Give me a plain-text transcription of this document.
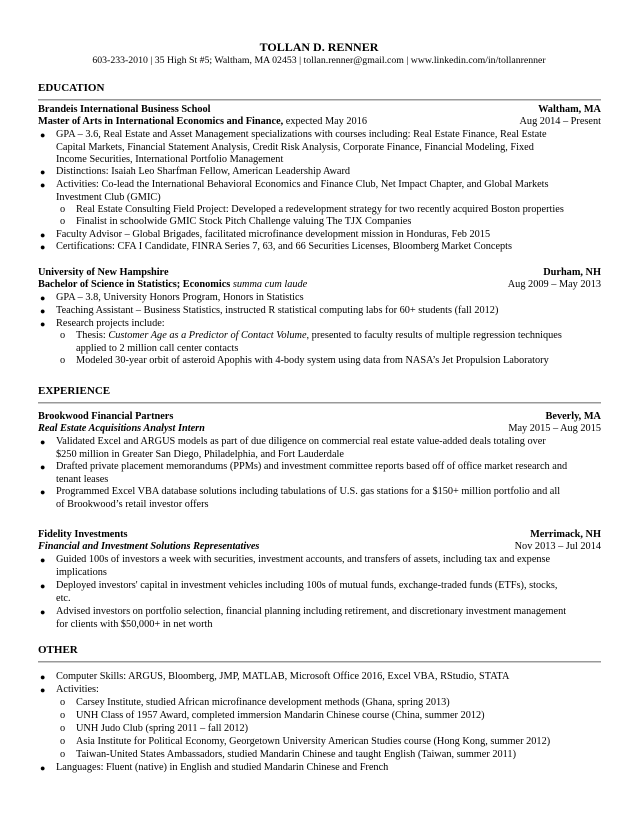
TOLLAN D. RENNER
603-233-2010 | 35 High St #5; Waltham, MA 02453 | tollan.renner@gmail.com | www.linkedin.com/in/tollanrenner
EDUCATION
Brandeis International Business School	Waltham, MA
Master of Arts in International Economics and Finance, expected May 2016	Aug 2014 – Present
● GPA – 3.6, Real Estate and Asset Management specializations with courses including: Real Estate Finance, Real Estate
Capital Markets, Financial Statement Analysis, Credit Risk Analysis, Corporate Finance, Financial Modeling, Fixed
Income Securities, International Portfolio Management
● Distinctions: Isaiah Leo Sharfman Fellow, American Leadership Award
● Activities: Co-lead the International Behavioral Economics and Finance Club, Net Impact Chapter, and Global Markets
Investment Club (GMIC)
o Real Estate Consulting Field Project: Developed a redevelopment strategy for two recently acquired Boston properties
o Finalist in schoolwide GMIC Stock Pitch Challenge valuing The TJX Companies
● Faculty Advisor – Global Brigades, facilitated microfinance development mission in Honduras, Feb 2015
● Certifications: CFA I Candidate, FINRA Series 7, 63, and 66 Securities Licenses, Bloomberg Market Concepts
University of New Hampshire	Durham, NH
Bachelor of Science in Statistics; Economics summa cum laude	Aug 2009 – May 2013
● GPA – 3.8, University Honors Program, Honors in Statistics
● Teaching Assistant – Business Statistics, instructed R statistical computing labs for 60+ students (fall 2012)
● Research projects include:
o Thesis: Customer Age as a Predictor of Contact Volume, presented to faculty results of multiple regression techniques
applied to 2 million call center contacts
o Modeled 30-year orbit of asteroid Apophis with 4-body system using data from NASA’s Jet Propulsion Laboratory
EXPERIENCE
Brookwood Financial Partners	Beverly, MA
Real Estate Acquisitions Analyst Intern	May 2015 – Aug 2015
● Validated Excel and ARGUS models as part of due diligence on commercial real estate value-added deals totaling over
$250 million in Greater San Diego, Philadelphia, and Fort Lauderdale
● Drafted private placement memorandums (PPMs) and investment committee reports based off of office market research and
tenant leases
● Programmed Excel VBA database solutions including tabulations of U.S. gas stations for a $150+ million portfolio and all
of Brookwood’s retail investor offers
Fidelity Investments	Merrimack, NH
Financial and Investment Solutions Representatives	Nov 2013 – Jul 2014
● Guided 100s of investors a week with securities, investment accounts, and transfers of assets, including tax and expense
implications
● Deployed investors' capital in investment vehicles including 100s of mutual funds, exchange-traded funds (ETFs), stocks,
etc.
● Advised investors on portfolio selection, financial planning including retirement, and discretionary investment management
for clients with $50,000+ in net worth
OTHER
● Computer Skills: ARGUS, Bloomberg, JMP, MATLAB, Microsoft Office 2016, Excel VBA, RStudio, STATA
● Activities:
o Carsey Institute, studied African microfinance development methods (Ghana, spring 2013)
o UNH Class of 1957 Award, completed immersion Mandarin Chinese course (China, summer 2012)
o UNH Judo Club (spring 2011 – fall 2012)
o Asia Institute for Political Economy, Georgetown University American Studies course (Hong Kong, summer 2012)
o Taiwan-United States Ambassadors, studied Mandarin Chinese and taught English (Taiwan, summer 2011)
● Languages: Fluent (native) in English and studied Mandarin Chinese and French
